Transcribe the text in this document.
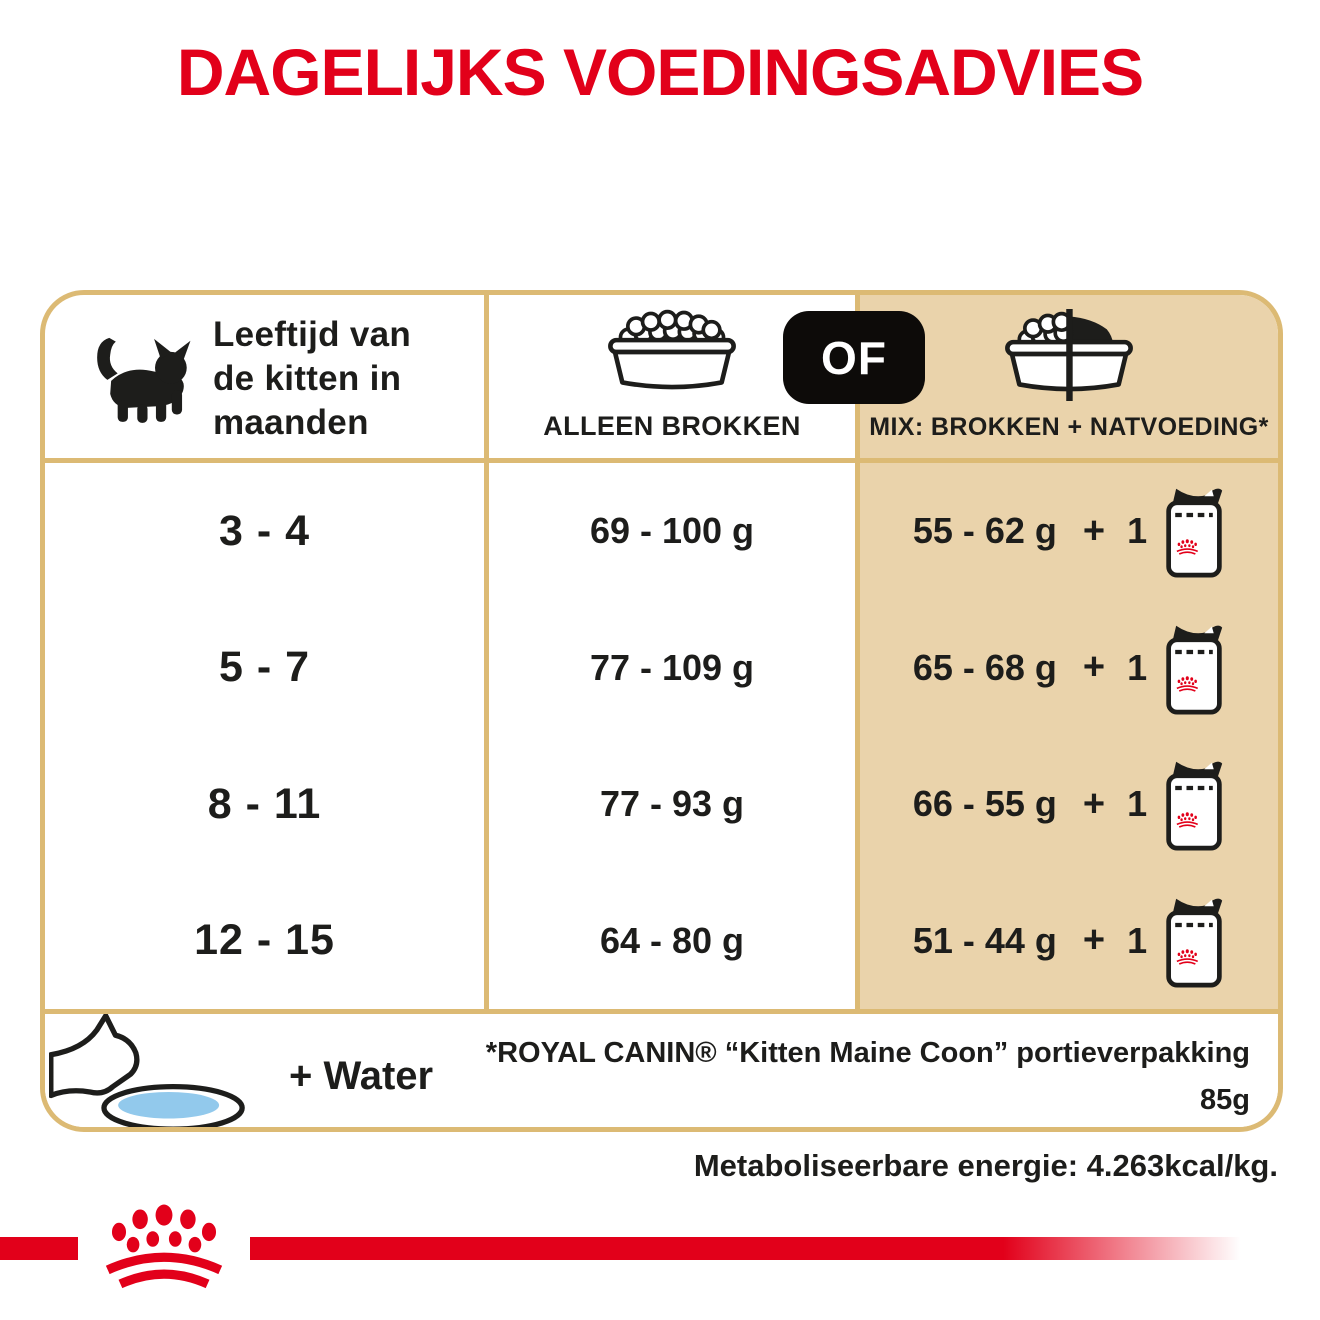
DAGELIJKS VOEDINGSADVIES
Leeftijd van
de kitten in
maanden	ALLEEN BROKKEN	MIX: BROKKEN + NATVOEDING*
OF
3 - 4
5 - 7
8 - 11
12 - 15
69 - 100 g
77 - 109 g
77 - 93 g
64 - 80 g
55 - 62 g + 1
65 - 68 g + 1
66 - 55 g + 1
51 - 44 g + 1
+ Water
*ROYAL CANIN® “Kitten Maine Coon” portieverpakking
85g
Metaboliseerbare energie: 4.263kcal/kg.
